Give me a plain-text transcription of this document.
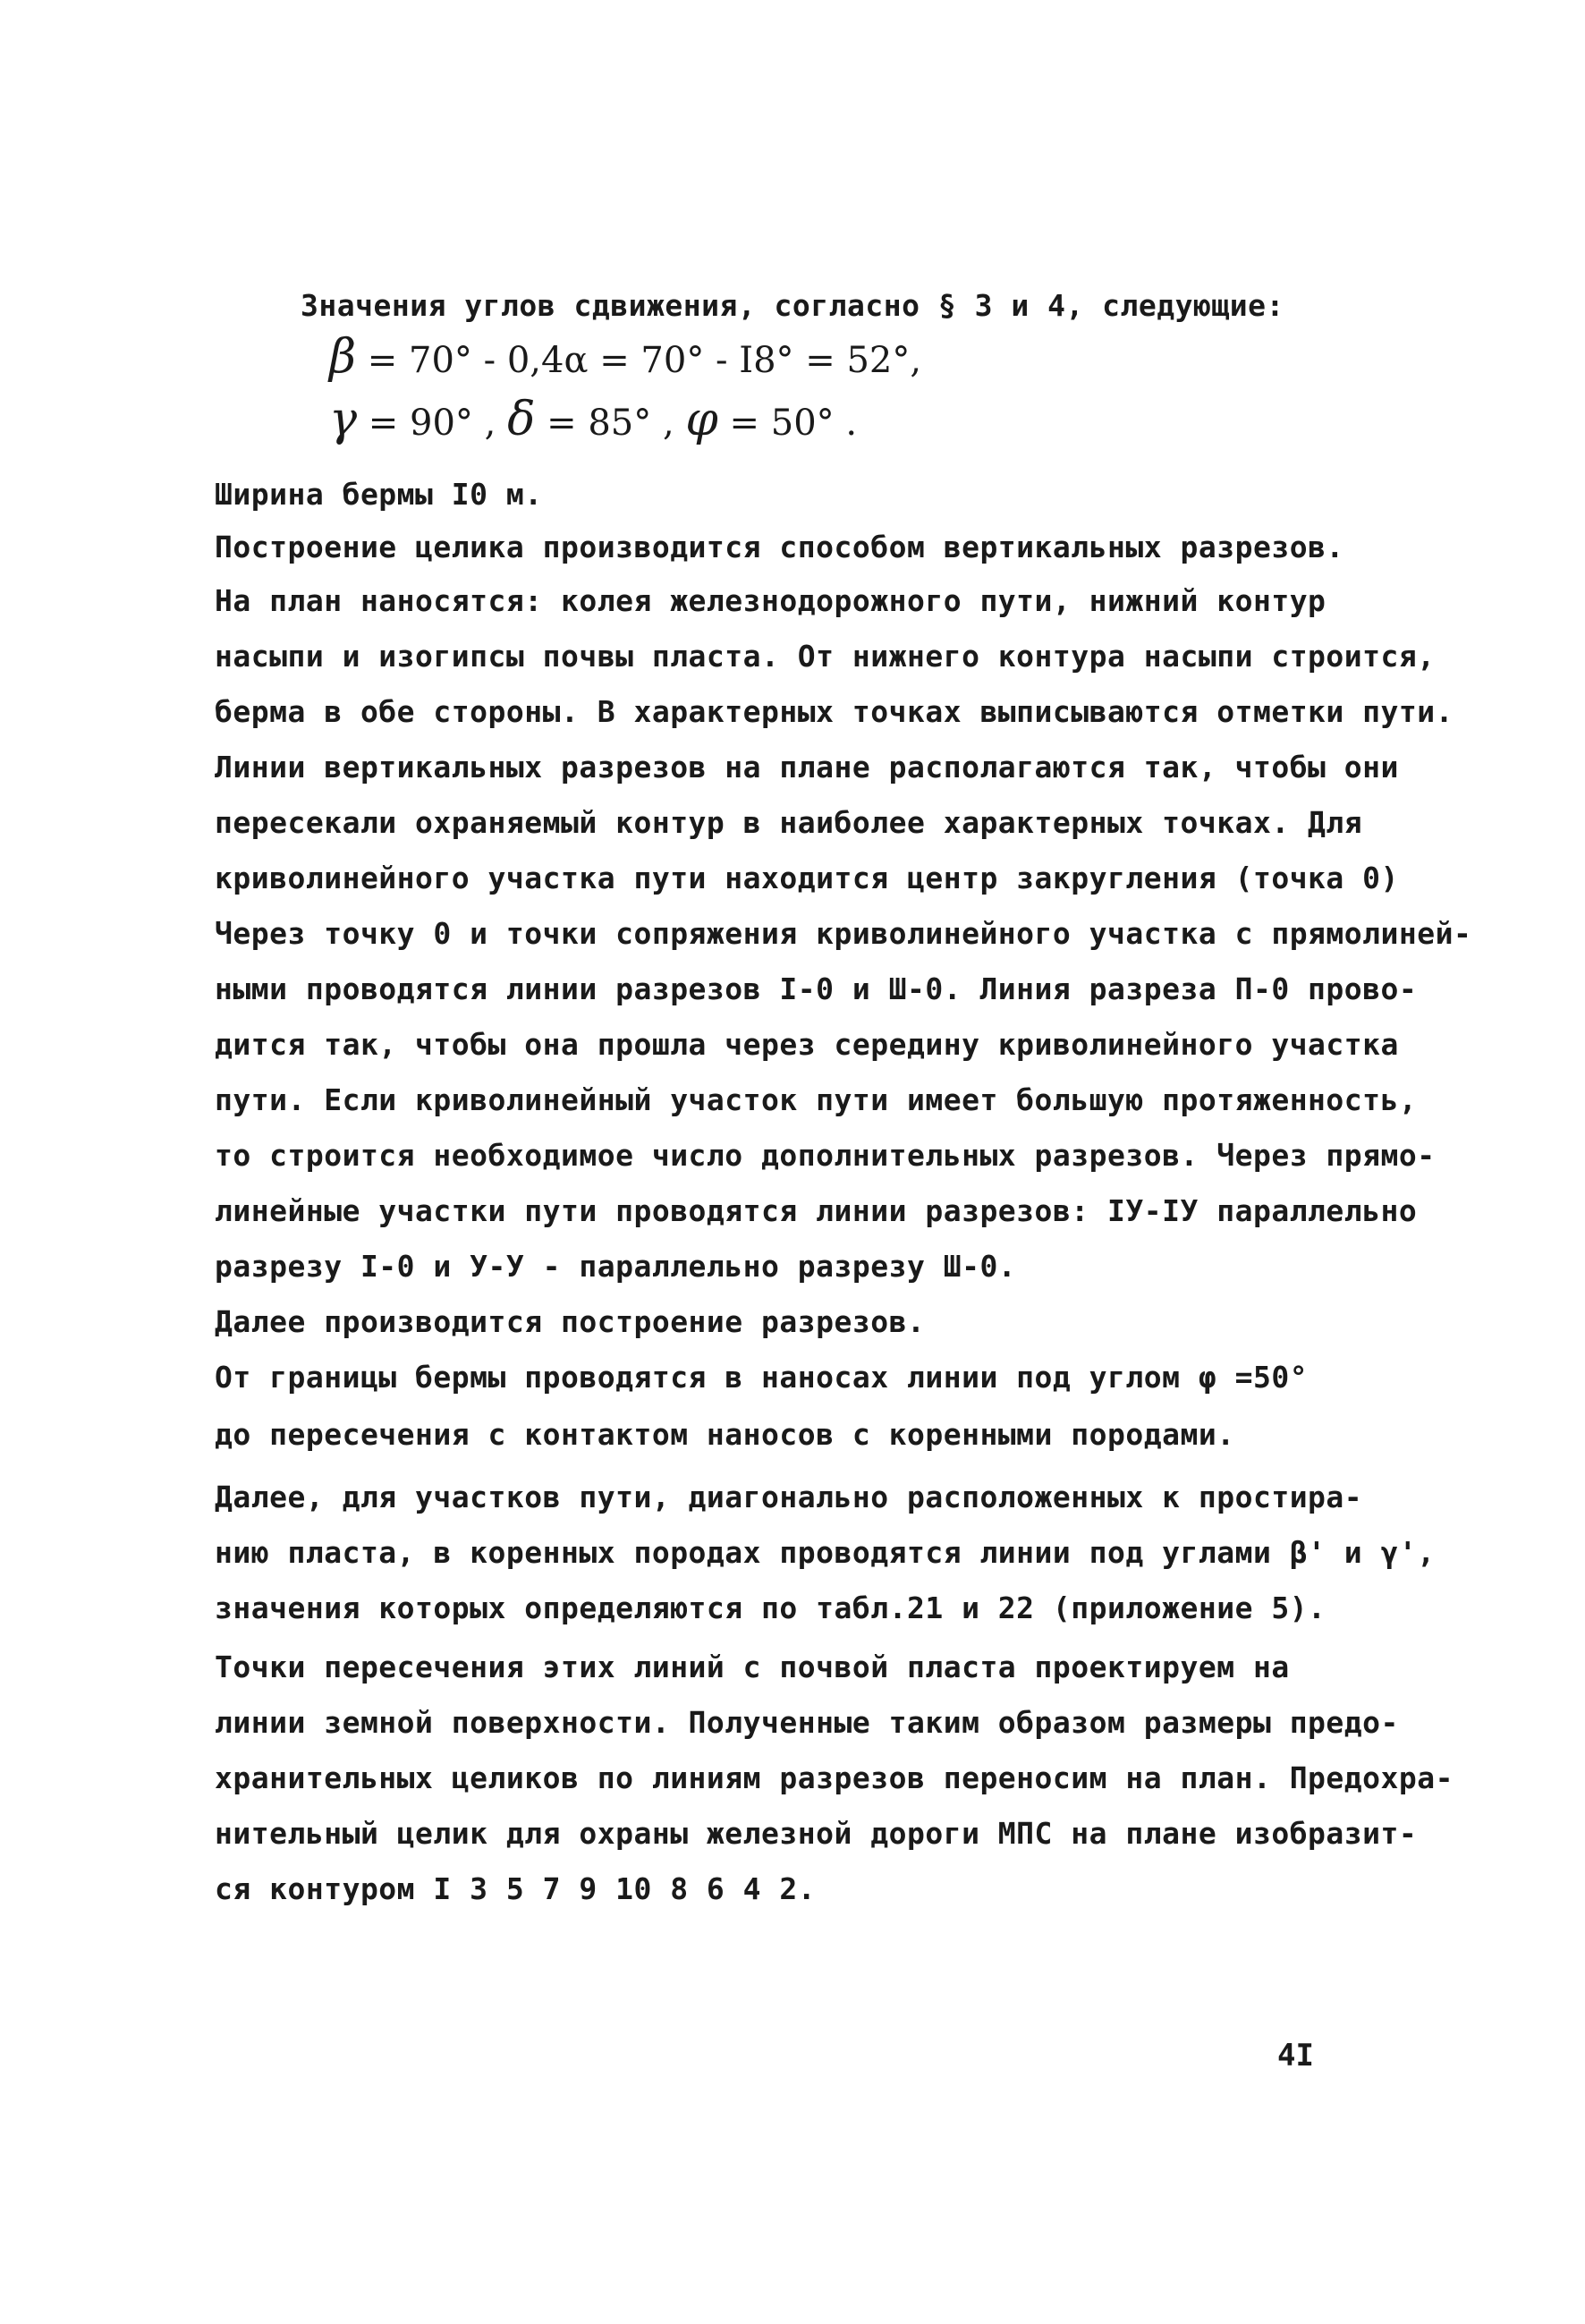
Значения углов сдвижения, согласно § 3 и 4, следующие:
β = 70° - 0,4α = 70° - I8° = 52°,
γ = 90° , δ = 85° , φ = 50° .
Ширина бермы I0 м.
Построение целика производится способом вертикальных разрезов.
На план наносятся: колея железнодорожного пути, нижний контур
насыпи и изогипсы почвы пласта. От нижнего контура насыпи строится,
берма в обе стороны. В характерных точках выписываются отметки пути.
Линии вертикальных разрезов на плане располагаются так, чтобы они
пересекали охраняемый контур в наиболее характерных точках. Для
криволинейного участка пути находится центр закругления (точка 0)
Через точку 0 и точки сопряжения криволинейного участка с прямолиней-
ными проводятся линии разрезов I-0 и Ш-0. Линия разреза П-0 прово-
дится так, чтобы она прошла через середину криволинейного участка
пути. Если криволинейный участок пути имеет большую протяженность,
то строится необходимое число дополнительных разрезов. Через прямо-
линейные участки пути проводятся линии разрезов: IУ-IУ параллельно
разрезу I-0 и У-У - параллельно разрезу Ш-0.
Далее производится построение разрезов.
От границы бермы проводятся в наносах линии под углом φ =50°
до пересечения с контактом наносов с коренными породами.
Далее, для участков пути, диагонально расположенных к простира-
нию пласта, в коренных породах проводятся линии под углами β' и γ',
значения которых определяются по табл.21 и 22 (приложение 5).
Точки пересечения этих линий с почвой пласта проектируем на
линии земной поверхности. Полученные таким образом размеры предо-
хранительных целиков по линиям разрезов переносим на план. Предохра-
нительный целик для охраны железной дороги МПС на плане изобразит-
ся контуром I 3 5 7 9 10 8 6 4 2.
4I
